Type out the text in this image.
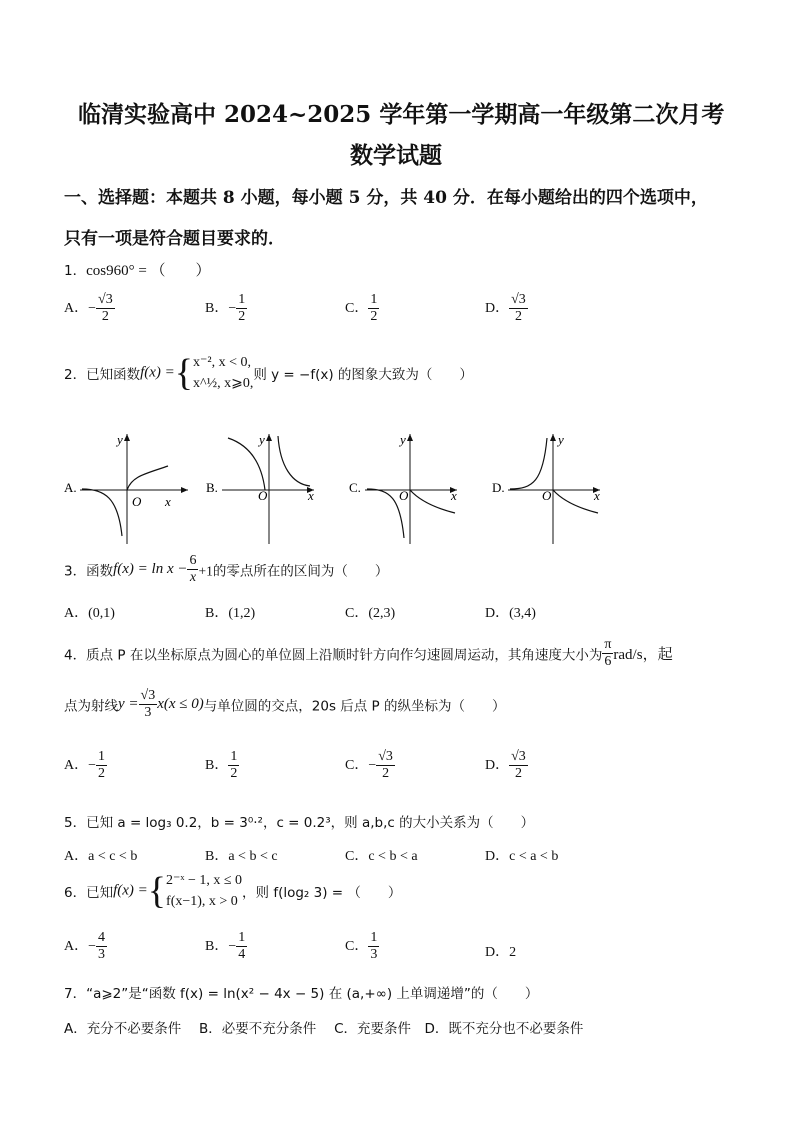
临清实验高中 2024~2025 学年第一学期高一年级第二次月考
数学试题
一、选择题：本题共 8 小题，每小题 5 分，共 40 分．在每小题给出的四个选项中，
只有一项是符合题目要求的．
1．cos960° = （　　）
A．− $\frac{√3}{2}$	B．− $\frac{1}{2}$	C． $\frac{1}{2}$	D． $\frac{√3}{2}$
2．已知函数f(x) ={ x⁻², x < 0,
x^½, x⩾0,
则 y = −f(x) 的图象大致为（　　）
A.
y
x
O
B.
y
x
O
C.
y
x
O
D.
y
x
O
3．函数$f(x) = \ln x - \frac{6}{x} +1$的零点所在的区间为（　　）
A．(0,1)	B．(1,2)	C．(2,3)	D．(3,4)
4．质点 P 在以坐标原点为圆心的单位圆上沿顺时针方向作匀速圆周运动，其角速度大小为 $\frac{\pi}{6} rad/s$，起
点为射线$y = \frac{√3}{3} x(x \le 0)$与单位圆的交点，20s 后点 P 的纵坐标为（　　）
A．− $\frac{1}{2}$	B． $\frac{1}{2}$	C．− $\frac{√3}{2}$	D． $\frac{√3}{2}$
5．已知 a = log₃ 0.2，b = 3⁰·²，c = 0.2³，则 a,b,c 的大小关系为（　　）
A．a < c < b	B．a < b < c	C．c < b < a	D．c < a < b
6．已知f(x) ={ 2⁻ˣ − 1, x ≤ 0
f(x−1), x > 0
，则 f(log₂ 3) = （　　）
A．− $\frac{4}{3}$	B．− $\frac{1}{4}$	C． $\frac{1}{3}$	D．2
7．“a⩾2”是“函数 f(x) = ln(x² − 4x − 5) 在 (a,+∞) 上单调递增”的（　　）
A．充分不必要条件　 B．必要不充分条件　 C．充要条件　D．既不充分也不必要条件
